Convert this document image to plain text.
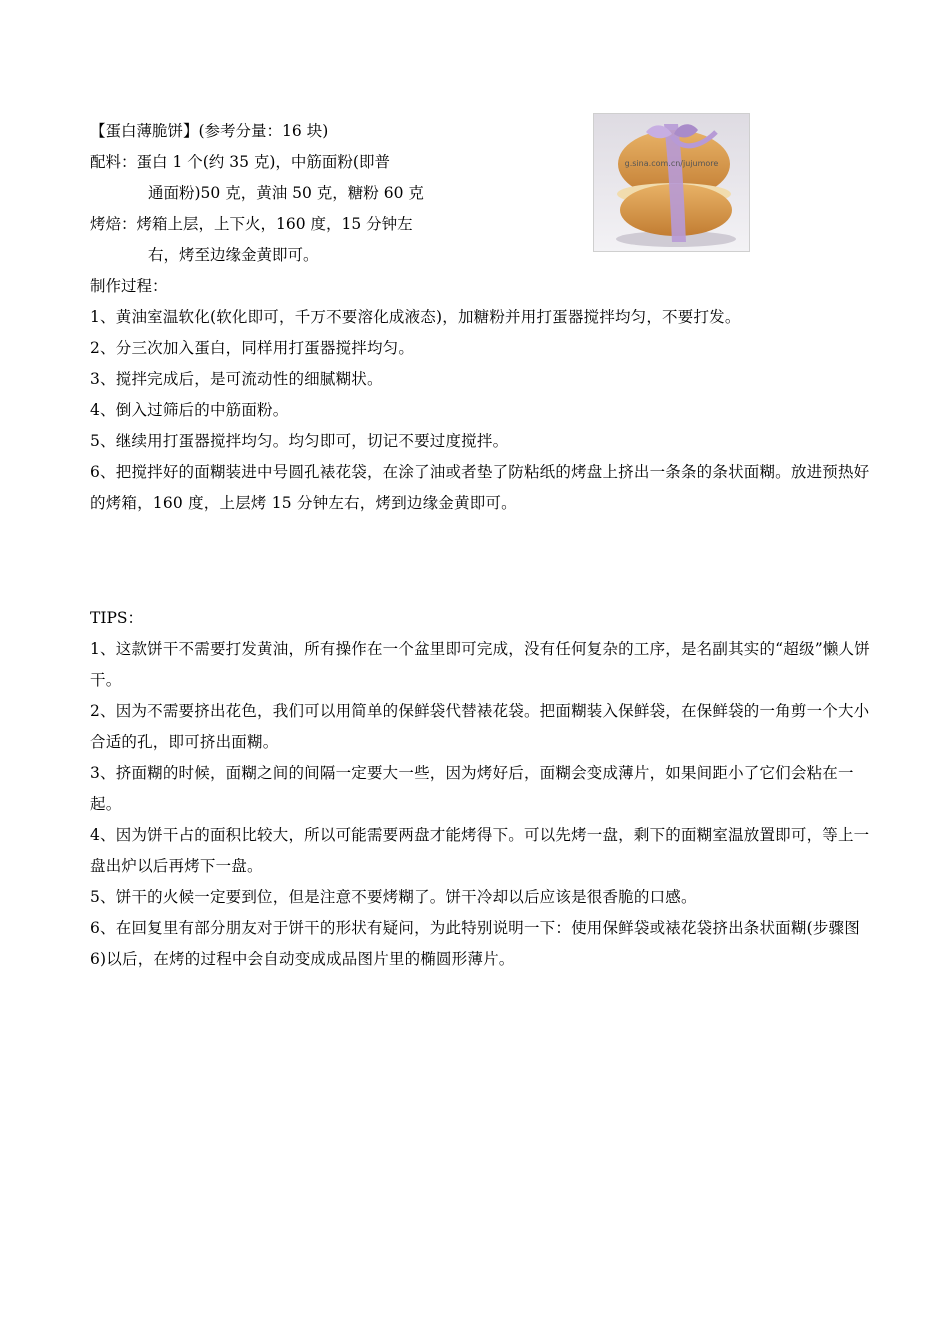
g.sina.com.cn/jujumore
【蛋白薄脆饼】(参考分量：16 块)
配料：蛋白 1 个(约 35 克)，中筋面粉(即普
通面粉)50 克，黄油 50 克，糖粉 60 克
烤焙：烤箱上层，上下火，160 度，15 分钟左
右，烤至边缘金黄即可。
制作过程：
1、黄油室温软化(软化即可，千万不要溶化成液态)，加糖粉并用打蛋器搅拌均匀，不要打发。
2、分三次加入蛋白，同样用打蛋器搅拌均匀。
3、搅拌完成后，是可流动性的细腻糊状。
4、倒入过筛后的中筋面粉。
5、继续用打蛋器搅拌均匀。均匀即可，切记不要过度搅拌。
6、把搅拌好的面糊装进中号圆孔裱花袋，在涂了油或者垫了防粘纸的烤盘上挤出一条条的条状面糊。放进预热好的烤箱，160 度，上层烤 15 分钟左右，烤到边缘金黄即可。
TIPS：
1、这款饼干不需要打发黄油，所有操作在一个盆里即可完成，没有任何复杂的工序，是名副其实的“超级”懒人饼干。
2、因为不需要挤出花色，我们可以用简单的保鲜袋代替裱花袋。把面糊装入保鲜袋，在保鲜袋的一角剪一个大小合适的孔，即可挤出面糊。
3、挤面糊的时候，面糊之间的间隔一定要大一些，因为烤好后，面糊会变成薄片，如果间距小了它们会粘在一起。
4、因为饼干占的面积比较大，所以可能需要两盘才能烤得下。可以先烤一盘，剩下的面糊室温放置即可，等上一盘出炉以后再烤下一盘。
5、饼干的火候一定要到位，但是注意不要烤糊了。饼干冷却以后应该是很香脆的口感。
6、在回复里有部分朋友对于饼干的形状有疑问，为此特别说明一下：使用保鲜袋或裱花袋挤出条状面糊(步骤图 6)以后，在烤的过程中会自动变成成品图片里的椭圆形薄片。
